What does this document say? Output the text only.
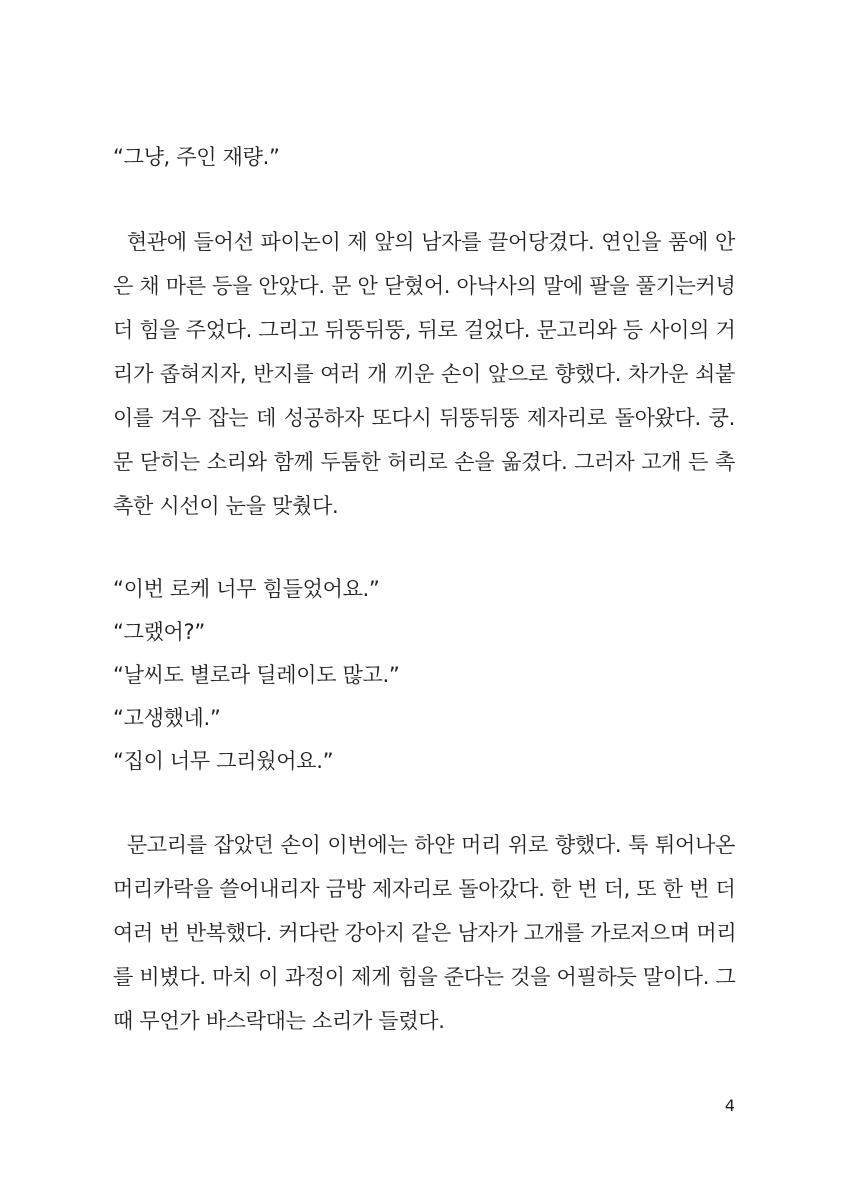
“그냥, 주인 재량.”
현관에 들어선 파이논이 제 앞의 남자를 끌어당겼다. 연인을 품에 안
은 채 마른 등을 안았다. 문 안 닫혔어. 아낙사의 말에 팔을 풀기는커녕
더 힘을 주었다. 그리고 뒤뚱뒤뚱, 뒤로 걸었다. 문고리와 등 사이의 거
리가 좁혀지자, 반지를 여러 개 끼운 손이 앞으로 향했다. 차가운 쇠붙
이를 겨우 잡는 데 성공하자 또다시 뒤뚱뒤뚱 제자리로 돌아왔다. 쿵.
문 닫히는 소리와 함께 두툼한 허리로 손을 옮겼다. 그러자 고개 든 촉
촉한 시선이 눈을 맞췄다.
“이번 로케 너무 힘들었어요.”
“그랬어?”
“날씨도 별로라 딜레이도 많고.”
“고생했네.”
“집이 너무 그리웠어요.”
문고리를 잡았던 손이 이번에는 하얀 머리 위로 향했다. 툭 튀어나온
머리카락을 쓸어내리자 금방 제자리로 돌아갔다. 한 번 더, 또 한 번 더
여러 번 반복했다. 커다란 강아지 같은 남자가 고개를 가로저으며 머리
를 비볐다. 마치 이 과정이 제게 힘을 준다는 것을 어필하듯 말이다. 그
때 무언가 바스락대는 소리가 들렸다.
4
